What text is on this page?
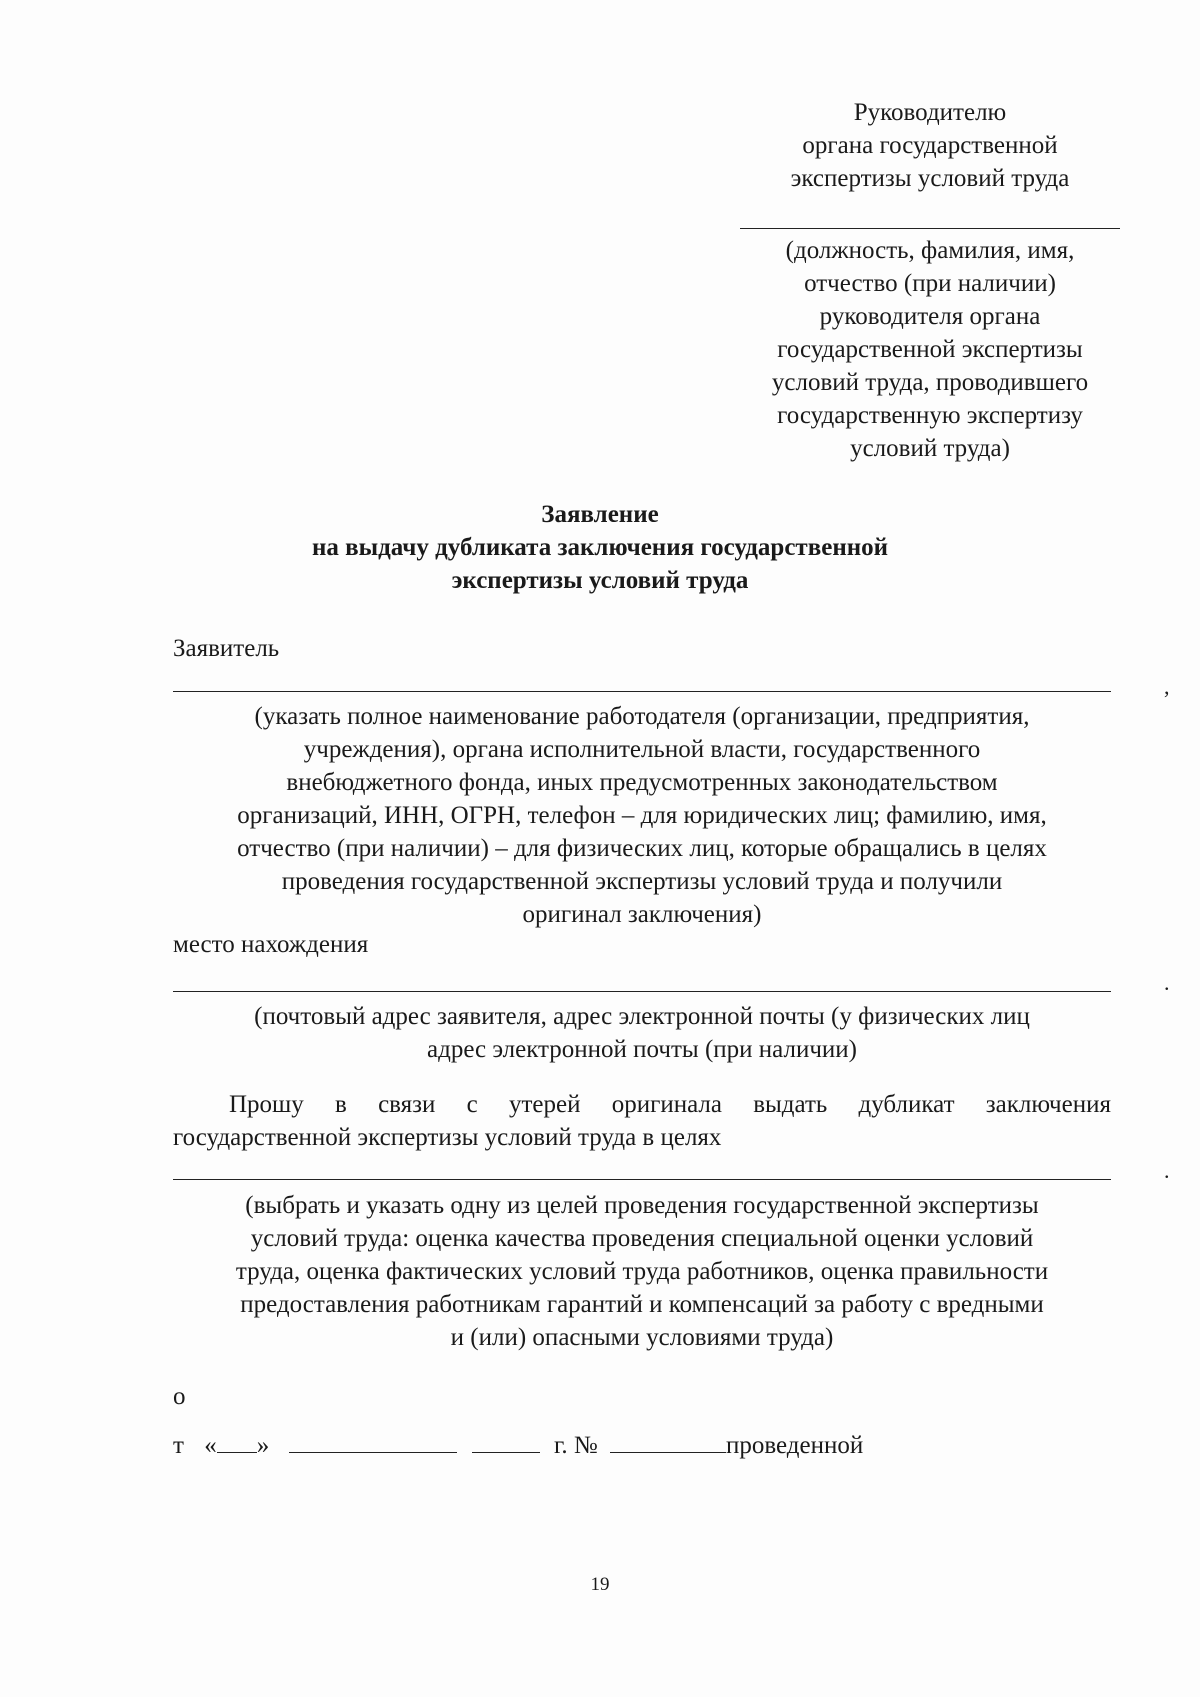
Руководителю
органа государственной
экспертизы условий труда
(должность, фамилия, имя,
отчество (при наличии)
руководителя органа
государственной экспертизы
условий труда, проводившего
государственную экспертизу
условий труда)
Заявление
на выдачу дубликата заключения государственной
экспертизы условий труда
Заявитель
,
(указать полное наименование работодателя (организации, предприятия,
учреждения), органа исполнительной власти, государственного
внебюджетного фонда, иных предусмотренных законодательством
организаций, ИНН, ОГРН, телефон – для юридических лиц; фамилию, имя,
отчество (при наличии) – для физических лиц, которые обращались в целях
проведения государственной экспертизы условий труда и получили
оригинал заключения)
место нахождения
.
(почтовый адрес заявителя, адрес электронной почты (у физических лиц
адрес электронной почты (при наличии)
Прошу в связи с утерей оригинала выдать дубликат заключения
государственной экспертизы условий труда в целях
.
(выбрать и указать одну из целей проведения государственной экспертизы
условий труда: оценка качества проведения специальной оценки условий
труда, оценка фактических условий труда работников, оценка правильности
предоставления работникам гарантий и компенсаций за работу с вредными
и (или) опасными условиями труда)
о
т « »	г. №	проведенной
19
